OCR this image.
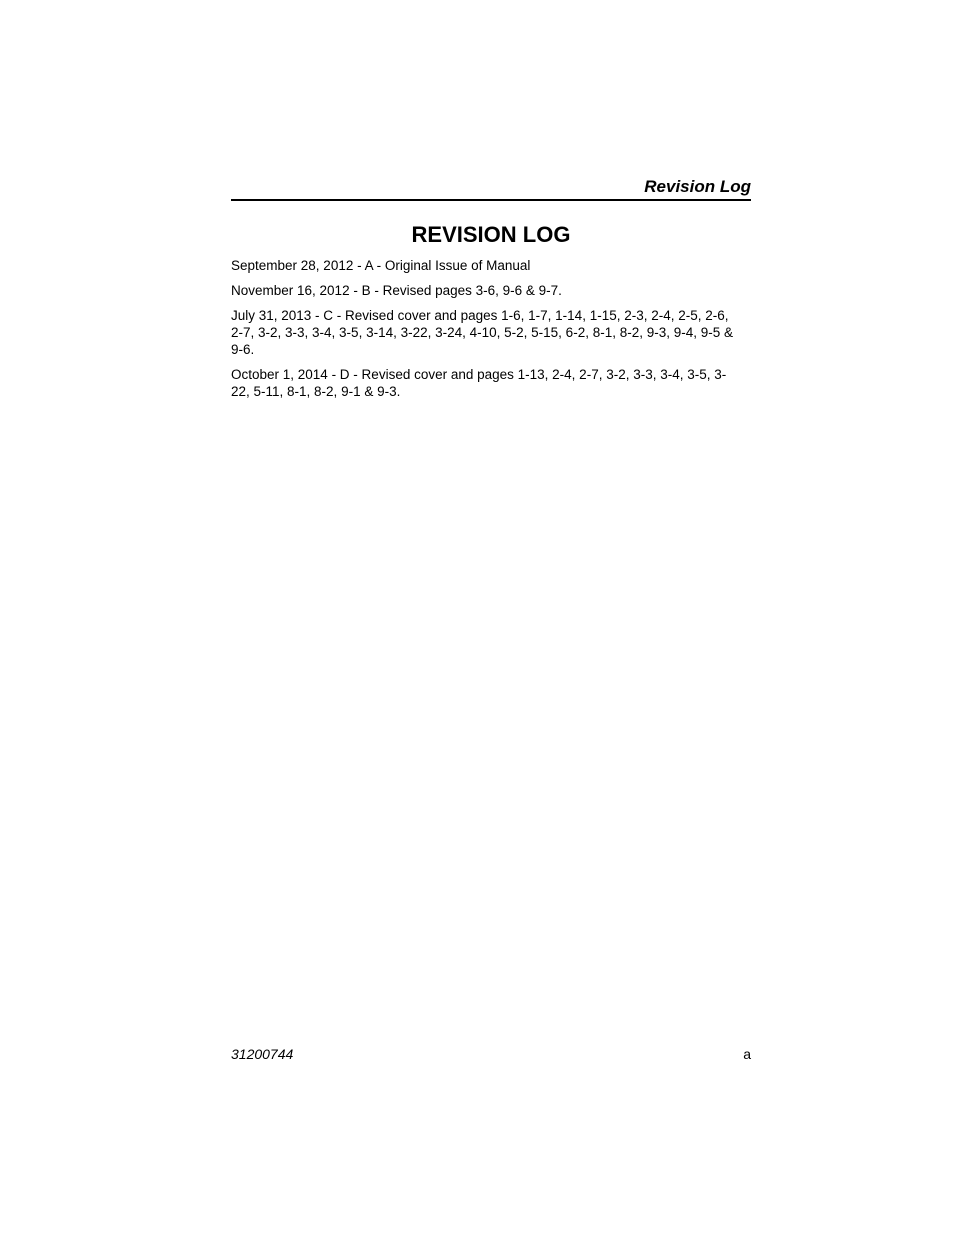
Revision Log
REVISION LOG

September 28, 2012 - A - Original Issue of Manual

November 16, 2012 - B - Revised pages 3-6, 9-6 & 9-7.

July 31, 2013 - C - Revised cover and pages 1-6, 1-7, 1-14, 1-15, 2-3, 2-4, 2-5, 2-6, 2-7, 3-2, 3-3, 3-4, 3-5, 3-14, 3-22, 3-24, 4-10, 5-2, 5-15, 6-2, 8-1, 8-2, 9-3, 9-4, 9-5 & 9-6.

October 1, 2014 - D - Revised cover and pages 1-13, 2-4, 2-7, 3-2, 3-3, 3-4, 3-5, 3-22, 5-11, 8-1, 8-2, 9-1 & 9-3.

31200744	a
